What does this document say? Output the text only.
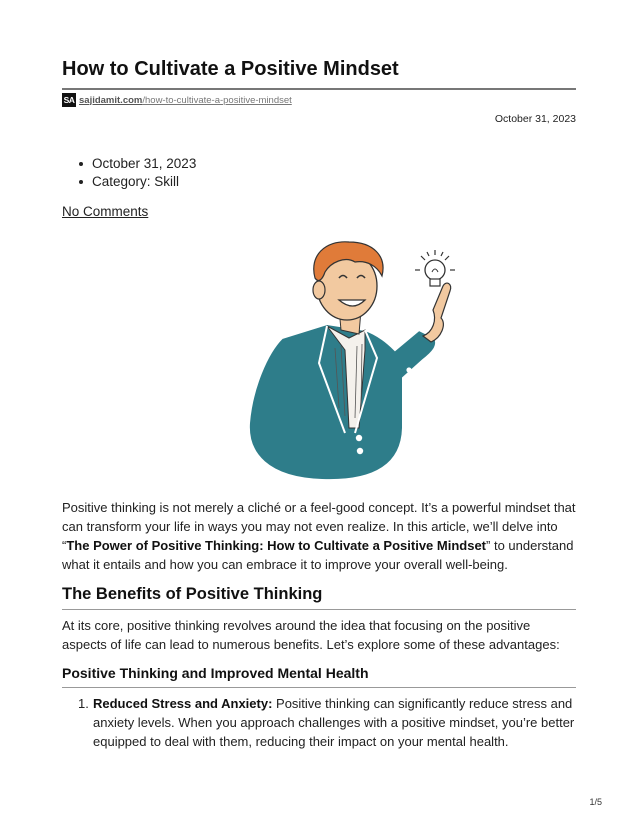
How to Cultivate a Positive Mindset
SA sajidamit.com /how-to-cultivate-a-positive-mindset
October 31, 2023
October 31, 2023
Category: Skill
No Comments

Positive thinking is not merely a cliché or a feel-good concept. It’s a powerful mindset that can transform your life in ways you may not even realize. In this article, we’ll delve into “The Power of Positive Thinking: How to Cultivate a Positive Mindset” to understand what it entails and how you can embrace it to improve your overall well-being.

The Benefits of Positive Thinking

At its core, positive thinking revolves around the idea that focusing on the positive aspects of life can lead to numerous benefits. Let’s explore some of these advantages:

Positive Thinking and Improved Mental Health
1. Reduced Stress and Anxiety: Positive thinking can significantly reduce stress and anxiety levels. When you approach challenges with a positive mindset, you’re better equipped to deal with them, reducing their impact on your mental health.
1/5
